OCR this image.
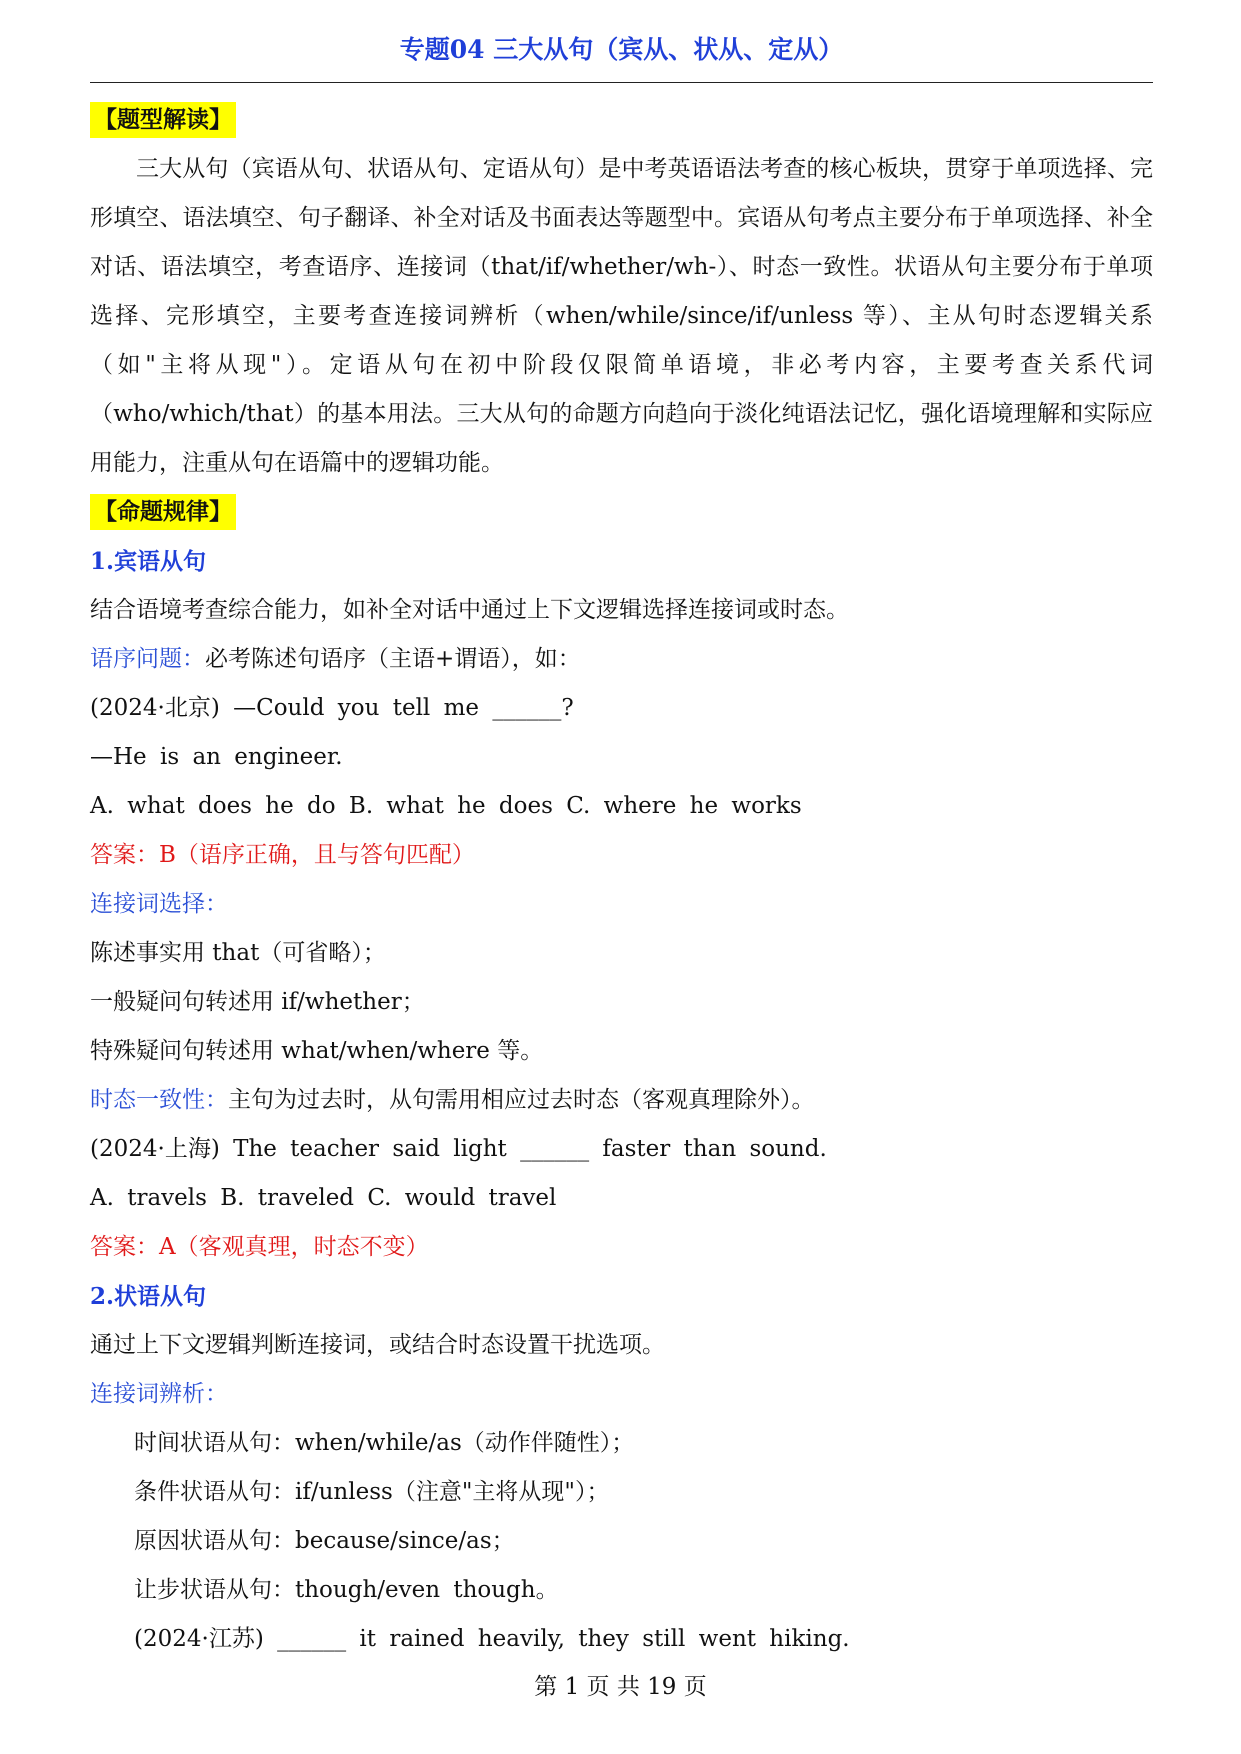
专题04 三大从句（宾从、状从、定从）
【题型解读】
三大从句（宾语从句、状语从句、定语从句）是中考英语语法考查的核心板块，贯穿于单项选择、完形填空、语法填空、句子翻译、补全对话及书面表达等题型中。宾语从句考点主要分布于单项选择、补全对话、语法填空，考查语序、连接词（that/if/whether/wh-）、时态一致性。状语从句主要分布于单项选择、完形填空，主要考查连接词辨析（when/while/since/if/unless 等）、主从句时态逻辑关系（如"主将从现"）。定语从句在初中阶段仅限简单语境，非必考内容，主要考查关系代词（who/which/that）的基本用法。三大从句的命题方向趋向于淡化纯语法记忆，强化语境理解和实际应用能力，注重从句在语篇中的逻辑功能。
【命题规律】
1.宾语从句
结合语境考查综合能力，如补全对话中通过上下文逻辑选择连接词或时态。
语序问题：必考陈述句语序（主语+谓语），如：
(2024·北京) —Could you tell me ______?
—He is an engineer.
A. what does he do B. what he does C. where he works
答案：B（语序正确，且与答句匹配）
连接词选择：
陈述事实用 that（可省略）；
一般疑问句转述用 if/whether；
特殊疑问句转述用 what/when/where 等。
时态一致性：主句为过去时，从句需用相应过去时态（客观真理除外）。
(2024·上海) The teacher said light ______ faster than sound.
A. travels B. traveled C. would travel
答案：A（客观真理，时态不变）
2.状语从句
通过上下文逻辑判断连接词，或结合时态设置干扰选项。
连接词辨析：
时间状语从句：when/while/as（动作伴随性）；
条件状语从句：if/unless（注意"主将从现"）；
原因状语从句：because/since/as；
让步状语从句：though/even though。
(2024·江苏) ______ it rained heavily, they still went hiking.
第 1 页 共 19 页
